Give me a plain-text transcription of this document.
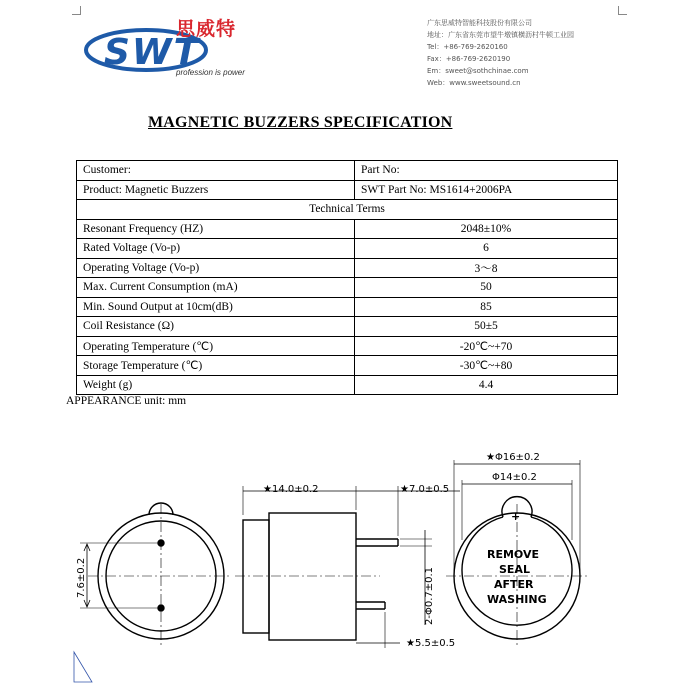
SWT
思威特
profession is power
广东思威特智能科技股份有限公司
地址：广东省东莞市望牛墩镇横沥村牛顿工业园
Tel：+86-769-2620160
Fax：+86-769-2620190
Em：sweet@sothchinae.com
Web：www.sweetsound.cn
MAGNETIC BUZZERS SPECIFICATION
Customer:	Part No:
Product: Magnetic Buzzers	SWT Part No: MS1614+2006PA
Technical Terms	
Resonant Frequency (HZ)	2048±10%
Rated Voltage (Vo-p)	6
Operating Voltage (Vo-p)	3～8
Max. Current Consumption (mA)	50
Min. Sound Output at 10cm(dB)	85
Coil Resistance (Ω)	50±5
Operating Temperature (℃)	-20℃~+70
Storage Temperature (℃)	-30℃~+80
Weight (g)	4.4
APPEARANCE unit: mm
★14.0±0.2	★7.0±0.5
7.6±0.2	2-Φ0.7±0.1
★5.5±0.5
★Φ16±0.2
Φ14±0.2
+
REMOVE
SEAL
AFTER
WASHING
